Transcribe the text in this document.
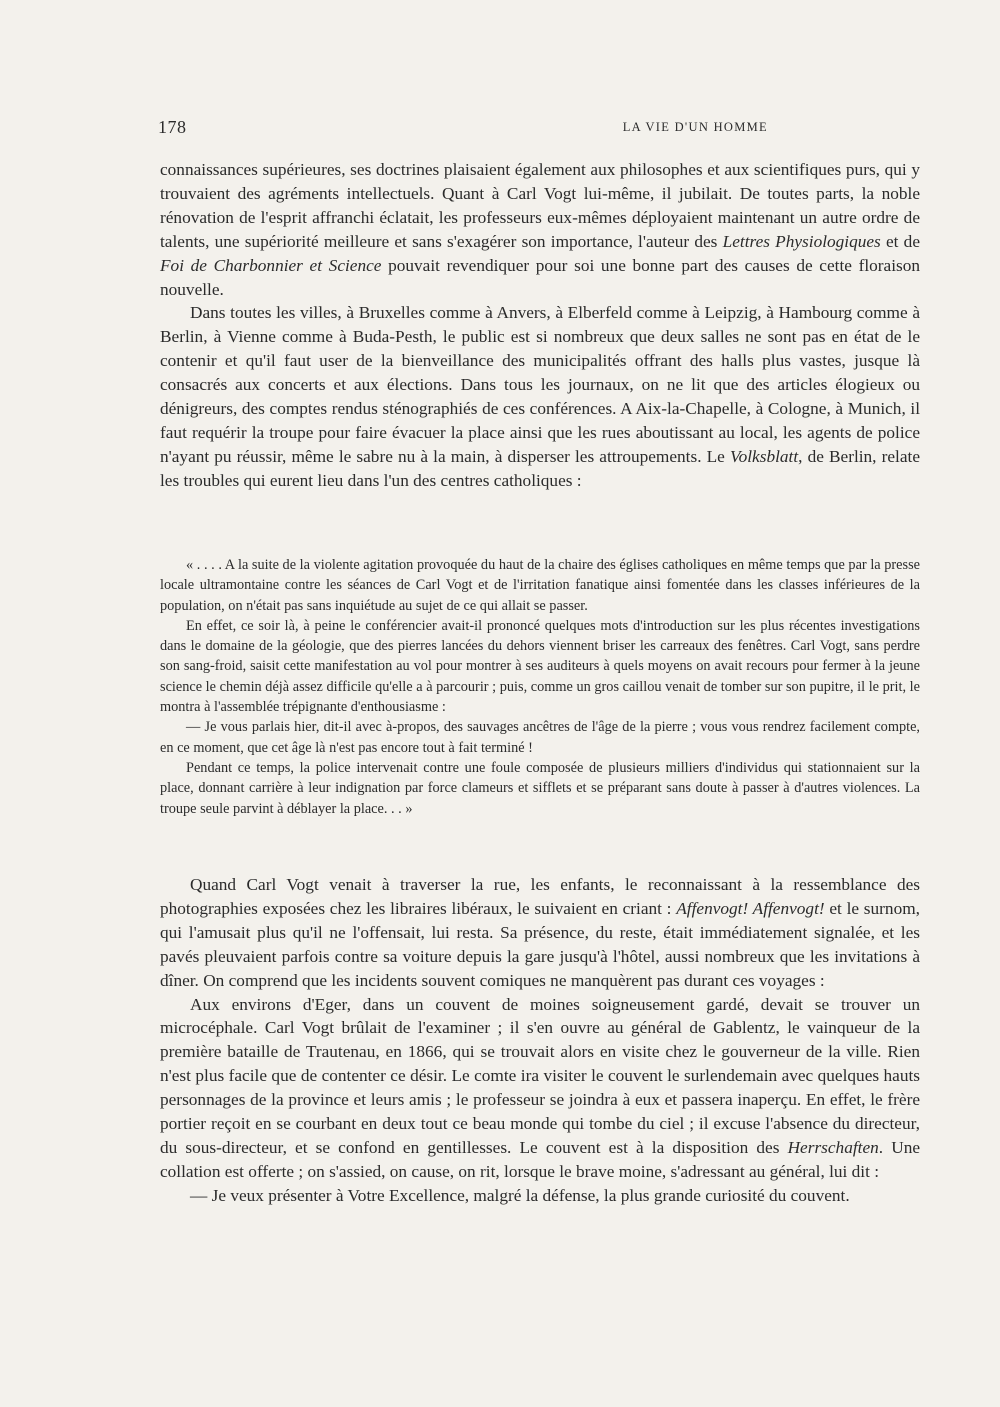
178	LA VIE D'UN HOMME

connaissances supérieures, ses doctrines plaisaient également aux philosophes et aux scientifiques purs, qui y trouvaient des agréments intellectuels. Quant à Carl Vogt lui-même, il jubilait. De toutes parts, la noble rénovation de l'esprit affranchi éclatait, les professeurs eux-mêmes déployaient maintenant un autre ordre de talents, une supériorité meilleure et sans s'exagérer son importance, l'auteur des Lettres Physiologiques et de Foi de Charbonnier et Science pouvait revendiquer pour soi une bonne part des causes de cette floraison nouvelle.

Dans toutes les villes, à Bruxelles comme à Anvers, à Elberfeld comme à Leipzig, à Hambourg comme à Berlin, à Vienne comme à Buda-Pesth, le public est si nombreux que deux salles ne sont pas en état de le contenir et qu'il faut user de la bienveillance des municipalités offrant des halls plus vastes, jusque là consacrés aux concerts et aux élections. Dans tous les journaux, on ne lit que des articles élogieux ou dénigreurs, des comptes rendus sténographiés de ces conférences. A Aix-la-Chapelle, à Cologne, à Munich, il faut requérir la troupe pour faire évacuer la place ainsi que les rues aboutissant au local, les agents de police n'ayant pu réussir, même le sabre nu à la main, à disperser les attroupements. Le Volksblatt, de Berlin, relate les troubles qui eurent lieu dans l'un des centres catholiques :

« . . . . A la suite de la violente agitation provoquée du haut de la chaire des églises catholiques en même temps que par la presse locale ultramontaine contre les séances de Carl Vogt et de l'irritation fanatique ainsi fomentée dans les classes inférieures de la population, on n'était pas sans inquiétude au sujet de ce qui allait se passer.

En effet, ce soir là, à peine le conférencier avait-il prononcé quelques mots d'introduction sur les plus récentes investigations dans le domaine de la géologie, que des pierres lancées du dehors viennent briser les carreaux des fenêtres. Carl Vogt, sans perdre son sang-froid, saisit cette manifestation au vol pour montrer à ses auditeurs à quels moyens on avait recours pour fermer à la jeune science le chemin déjà assez difficile qu'elle a à parcourir ; puis, comme un gros caillou venait de tomber sur son pupitre, il le prit, le montra à l'assemblée trépignante d'enthousiasme :

— Je vous parlais hier, dit-il avec à-propos, des sauvages ancêtres de l'âge de la pierre ; vous vous rendrez facilement compte, en ce moment, que cet âge là n'est pas encore tout à fait terminé !

Pendant ce temps, la police intervenait contre une foule composée de plusieurs milliers d'individus qui stationnaient sur la place, donnant carrière à leur indignation par force clameurs et sifflets et se préparant sans doute à passer à d'autres violences. La troupe seule parvint à déblayer la place. . . »

Quand Carl Vogt venait à traverser la rue, les enfants, le reconnaissant à la ressemblance des photographies exposées chez les libraires libéraux, le suivaient en criant : Affenvogt! Affenvogt! et le surnom, qui l'amusait plus qu'il ne l'offensait, lui resta. Sa présence, du reste, était immédiatement signalée, et les pavés pleuvaient parfois contre sa voiture depuis la gare jusqu'à l'hôtel, aussi nombreux que les invitations à dîner. On comprend que les incidents souvent comiques ne manquèrent pas durant ces voyages :

Aux environs d'Eger, dans un couvent de moines soigneusement gardé, devait se trouver un microcéphale. Carl Vogt brûlait de l'examiner ; il s'en ouvre au général de Gablentz, le vainqueur de la première bataille de Trautenau, en 1866, qui se trouvait alors en visite chez le gouverneur de la ville. Rien n'est plus facile que de contenter ce désir. Le comte ira visiter le couvent le surlendemain avec quelques hauts personnages de la province et leurs amis ; le professeur se joindra à eux et passera inaperçu. En effet, le frère portier reçoit en se courbant en deux tout ce beau monde qui tombe du ciel ; il excuse l'absence du directeur, du sous-directeur, et se confond en gentillesses. Le couvent est à la disposition des Herrschaften. Une collation est offerte ; on s'assied, on cause, on rit, lorsque le brave moine, s'adressant au général, lui dit :

— Je veux présenter à Votre Excellence, malgré la défense, la plus grande curiosité du couvent.
